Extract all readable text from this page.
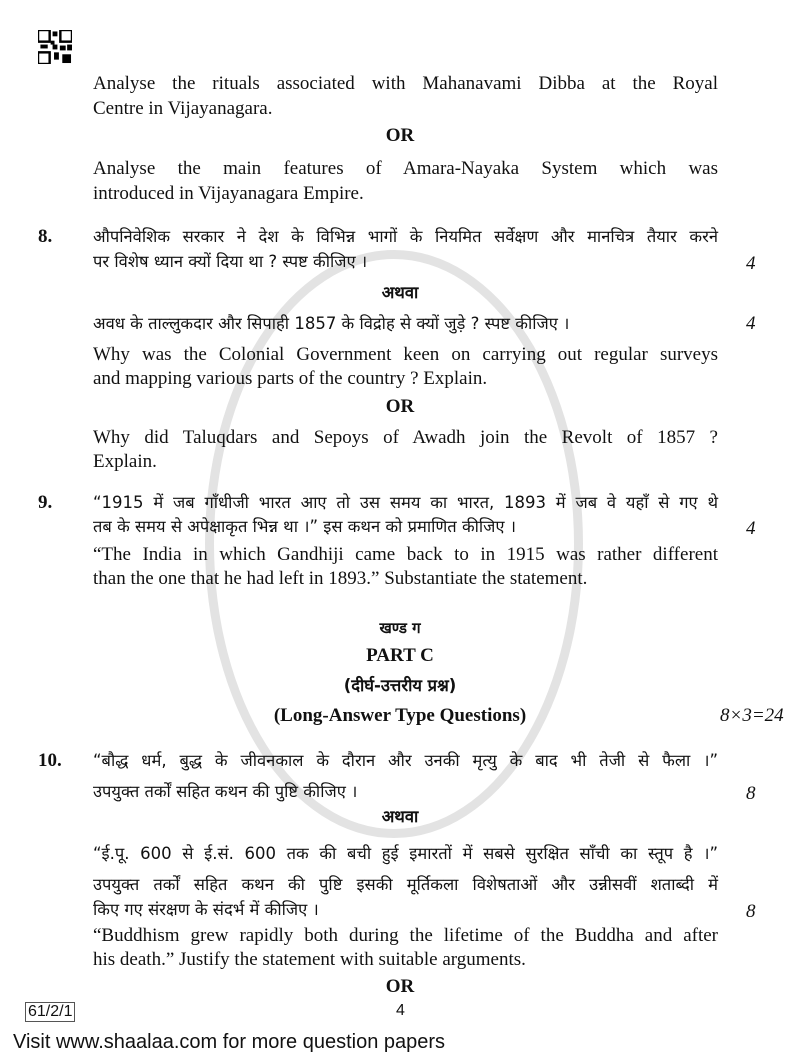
Analyse the rituals associated with Mahanavami Dibba at the Royal
Centre in Vijayanagara.
OR
Analyse the main features of Amara-Nayaka System which was
introduced in Vijayanagara Empire.
8. औपनिवेशिक सरकार ने देश के विभिन्न भागों के नियमित सर्वेक्षण और मानचित्र तैयार करने
पर विशेष ध्यान क्यों दिया था ? स्पष्ट कीजिए ।	4
अथवा
अवध के ताल्लुकदार और सिपाही 1857 के विद्रोह से क्यों जुड़े ? स्पष्ट कीजिए ।	4
Why was the Colonial Government keen on carrying out regular surveys
and mapping various parts of the country ? Explain.
OR
Why did Taluqdars and Sepoys of Awadh join the Revolt of 1857 ?
Explain.
9. “1915 में जब गाँधीजी भारत आए तो उस समय का भारत, 1893 में जब वे यहाँ से गए थे
तब के समय से अपेक्षाकृत भिन्न था ।” इस कथन को प्रमाणित कीजिए ।	4
“The India in which Gandhiji came back to in 1915 was rather different
than the one that he had left in 1893.” Substantiate the statement.
खण्ड ग
PART C
(दीर्घ-उत्तरीय प्रश्न)
(Long-Answer Type Questions)	8×3=24
10. “बौद्ध धर्म, बुद्ध के जीवनकाल के दौरान और उनकी मृत्यु के बाद भी तेजी से फैला ।”
उपयुक्त तर्कों सहित कथन की पुष्टि कीजिए ।	8
अथवा
“ई.पू. 600 से ई.सं. 600 तक की बची हुई इमारतों में सबसे सुरक्षित साँची का स्तूप है ।”
उपयुक्त तर्कों सहित कथन की पुष्टि इसकी मूर्तिकला विशेषताओं और उन्नीसवीं शताब्दी में
किए गए संरक्षण के संदर्भ में कीजिए ।	8
“Buddhism grew rapidly both during the lifetime of the Buddha and after
his death.” Justify the statement with suitable arguments.
OR
61/2/1	4
Visit www.shaalaa.com for more question papers
